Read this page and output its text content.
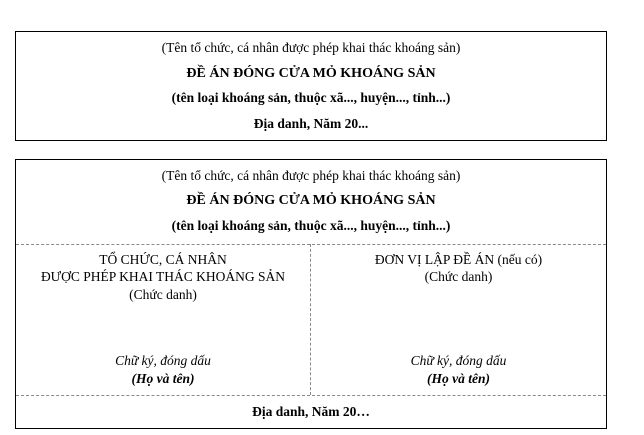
(Tên tổ chức, cá nhân được phép khai thác khoáng sản)
ĐỀ ÁN ĐÓNG CỬA MỎ KHOÁNG SẢN
(tên loại khoáng sản, thuộc xã..., huyện..., tỉnh...)
Địa danh, Năm 20...
(Tên tổ chức, cá nhân được phép khai thác khoáng sản)
ĐỀ ÁN ĐÓNG CỬA MỎ KHOÁNG SẢN
(tên loại khoáng sản, thuộc xã..., huyện..., tỉnh...)
TỔ CHỨC, CÁ NHÂN
ĐƯỢC PHÉP KHAI THÁC KHOÁNG SẢN
(Chức danh)
Chữ ký, đóng dấu
(Họ và tên)
ĐƠN VỊ LẬP ĐỀ ÁN (nếu có)
(Chức danh)
Chữ ký, đóng dấu
(Họ và tên)
Địa danh, Năm 20…
